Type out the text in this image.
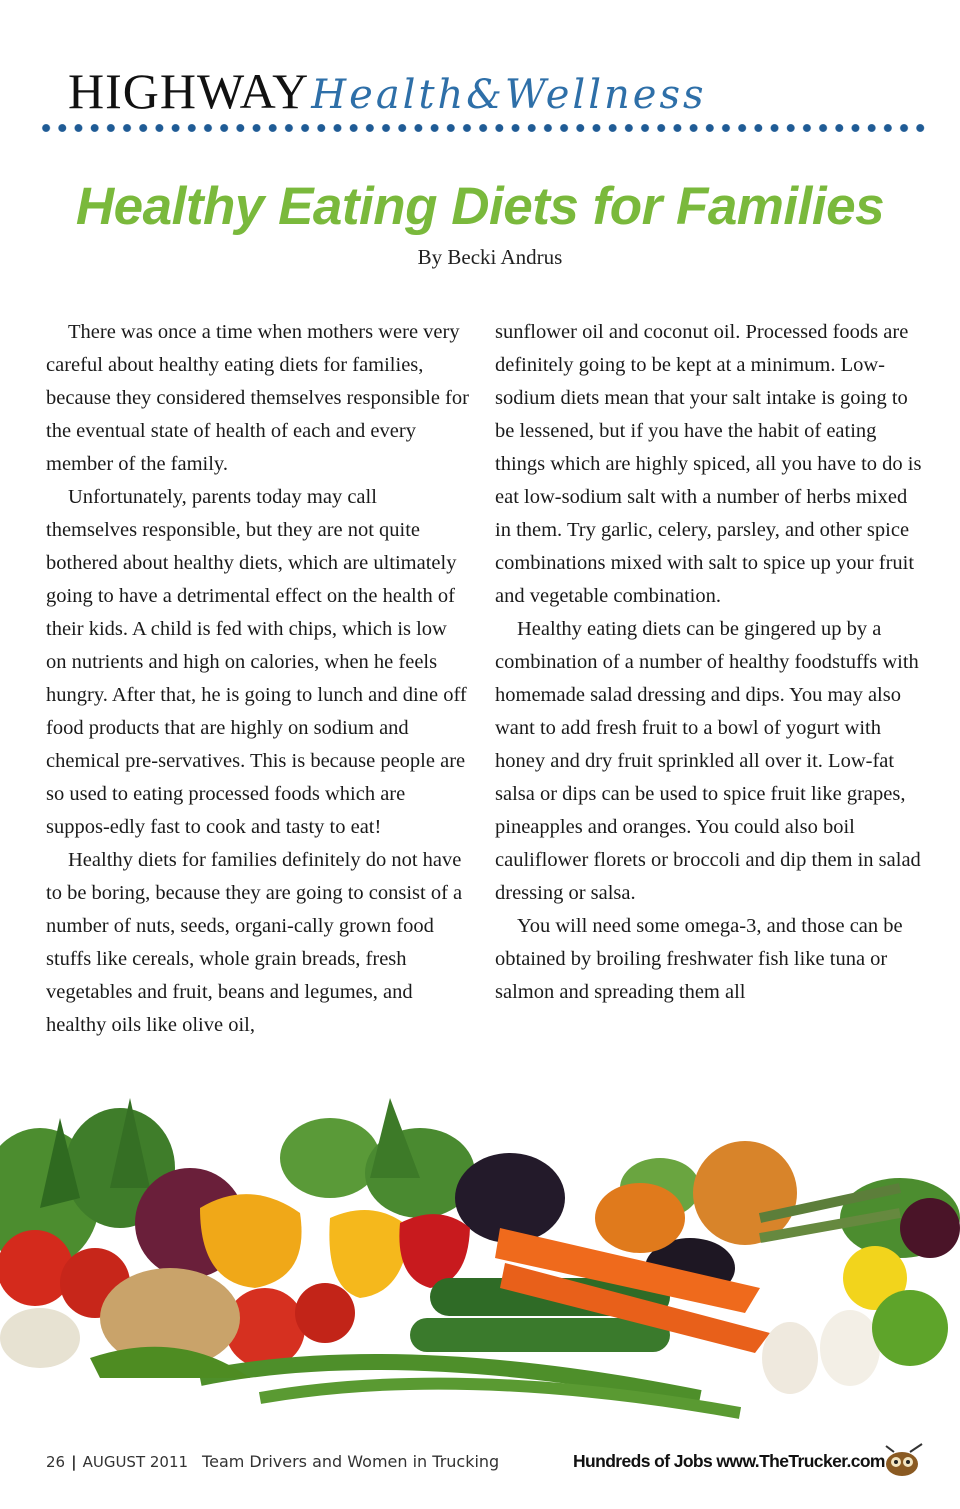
HIGHWAY Health&Wellness
Healthy Eating Diets for Families
By Becki Andrus

There was once a time when mothers were very careful about healthy eating diets for families, because they considered themselves responsible for the eventual state of health of each and every member of the family.

Unfortunately, parents today may call themselves responsible, but they are not quite bothered about healthy diets, which are ultimately going to have a detrimental effect on the health of their kids. A child is fed with chips, which is low on nutrients and high on calories, when he feels hungry. After that, he is going to lunch and dine off food products that are highly on sodium and chemical pre-servatives. This is because people are so used to eating processed foods which are suppos-edly fast to cook and tasty to eat!

Healthy diets for families definitely do not have to be boring, because they are going to consist of a number of nuts, seeds, organi-cally grown food stuffs like cereals, whole grain breads, fresh vegetables and fruit, beans and legumes, and healthy oils like olive oil,

sunflower oil and coconut oil. Processed foods are definitely going to be kept at a minimum. Low-sodium diets mean that your salt intake is going to be lessened, but if you have the habit of eating things which are highly spiced, all you have to do is eat low-sodium salt with a number of herbs mixed in them. Try garlic, celery, parsley, and other spice combinations mixed with salt to spice up your fruit and vegetable combination.

Healthy eating diets can be gingered up by a combination of a number of healthy foodstuffs with homemade salad dressing and dips. You may also want to add fresh fruit to a bowl of yogurt with honey and dry fruit sprinkled all over it. Low-fat salsa or dips can be used to spice fruit like grapes, pineapples and oranges. You could also boil cauliflower florets or broccoli and dip them in salad dressing or salsa.

You will need some omega-3, and those can be obtained by broiling freshwater fish like tuna or salmon and spreading them all

26 | AUGUST 2011 Team Drivers and Women in Trucking	Hundreds of Jobs www.TheTrucker.com
